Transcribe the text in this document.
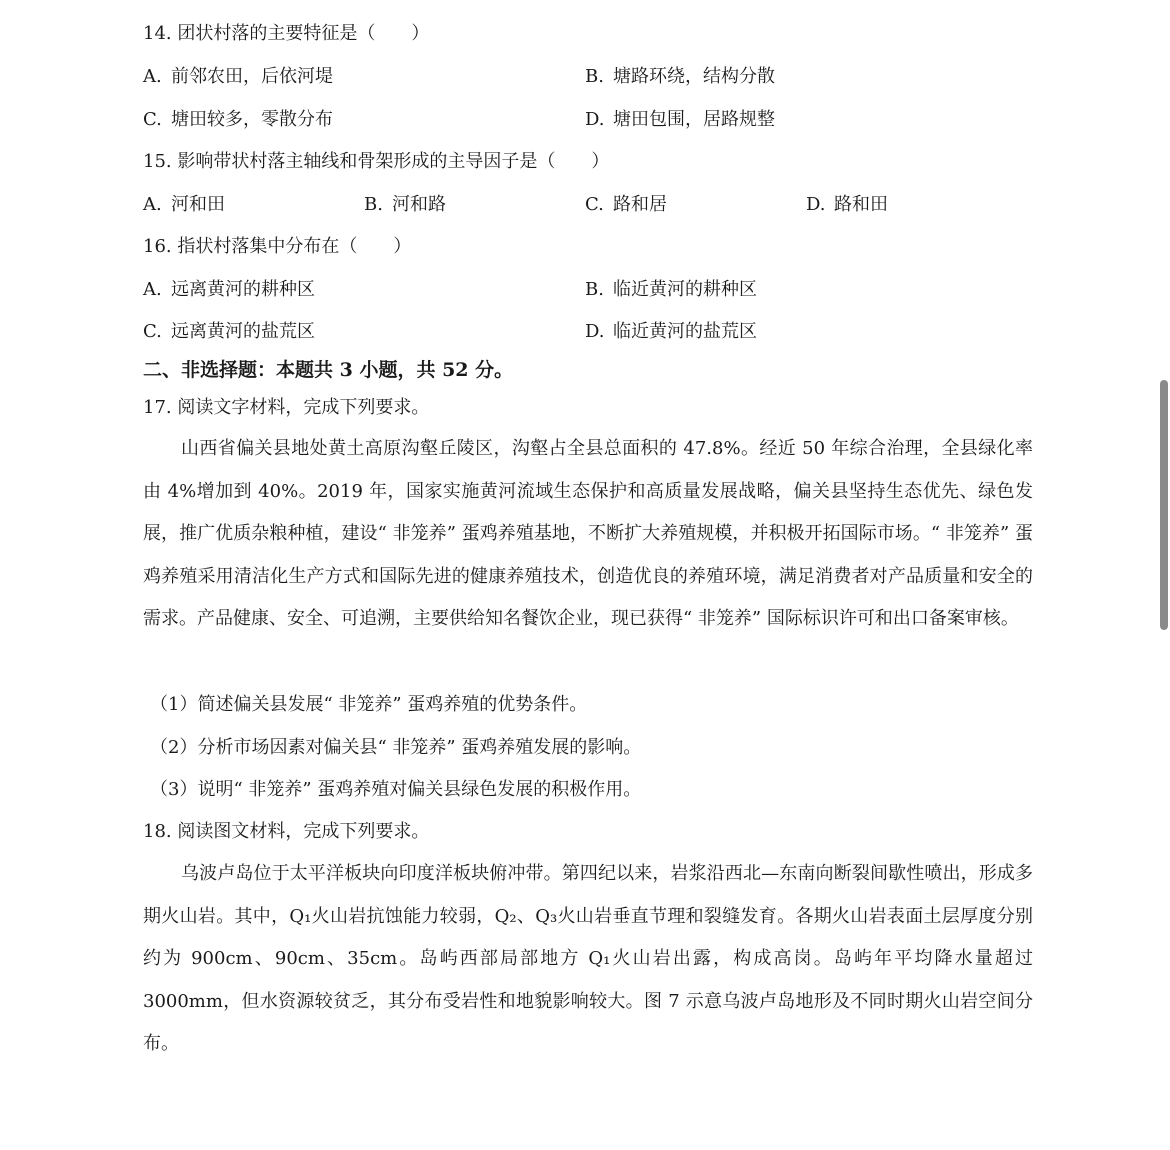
14. 团状村落的主要特征是（　　）
A. 前邻农田，后依河堤	B. 塘路环绕，结构分散
C. 塘田较多，零散分布	D. 塘田包围，居路规整
15. 影响带状村落主轴线和骨架形成的主导因子是（　　）
A. 河和田	B. 河和路	C. 路和居	D. 路和田
16. 指状村落集中分布在（　　）
A. 远离黄河的耕种区	B. 临近黄河的耕种区
C. 远离黄河的盐荒区	D. 临近黄河的盐荒区
二、非选择题：本题共 3 小题，共 52 分。
17. 阅读文字材料，完成下列要求。
山西省偏关县地处黄土高原沟壑丘陵区，沟壑占全县总面积的 47.8%。经近 50 年综合治理，全县绿化率由 4%增加到 40%。2019 年，国家实施黄河流域生态保护和高质量发展战略，偏关县坚持生态优先、绿色发展，推广优质杂粮种植，建设“ 非笼养” 蛋鸡养殖基地，不断扩大养殖规模，并积极开拓国际市场。“ 非笼养” 蛋鸡养殖采用清洁化生产方式和国际先进的健康养殖技术，创造优良的养殖环境，满足消费者对产品质量和安全的需求。产品健康、安全、可追溯，主要供给知名餐饮企业，现已获得“ 非笼养” 国际标识许可和出口备案审核。
（1）简述偏关县发展“ 非笼养” 蛋鸡养殖的优势条件。
（2）分析市场因素对偏关县“ 非笼养” 蛋鸡养殖发展的影响。
（3）说明“ 非笼养” 蛋鸡养殖对偏关县绿色发展的积极作用。
18. 阅读图文材料，完成下列要求。
乌波卢岛位于太平洋板块向印度洋板块俯冲带。第四纪以来，岩浆沿西北—东南向断裂间歇性喷出，形成多期火山岩。其中，Q₁火山岩抗蚀能力较弱，Q₂、Q₃火山岩垂直节理和裂缝发育。各期火山岩表面土层厚度分别约为 900cm、90cm、35cm。岛屿西部局部地方 Q₁火山岩出露，构成高岗。岛屿年平均降水量超过 3000mm，但水资源较贫乏，其分布受岩性和地貌影响较大。图 7 示意乌波卢岛地形及不同时期火山岩空间分布。
